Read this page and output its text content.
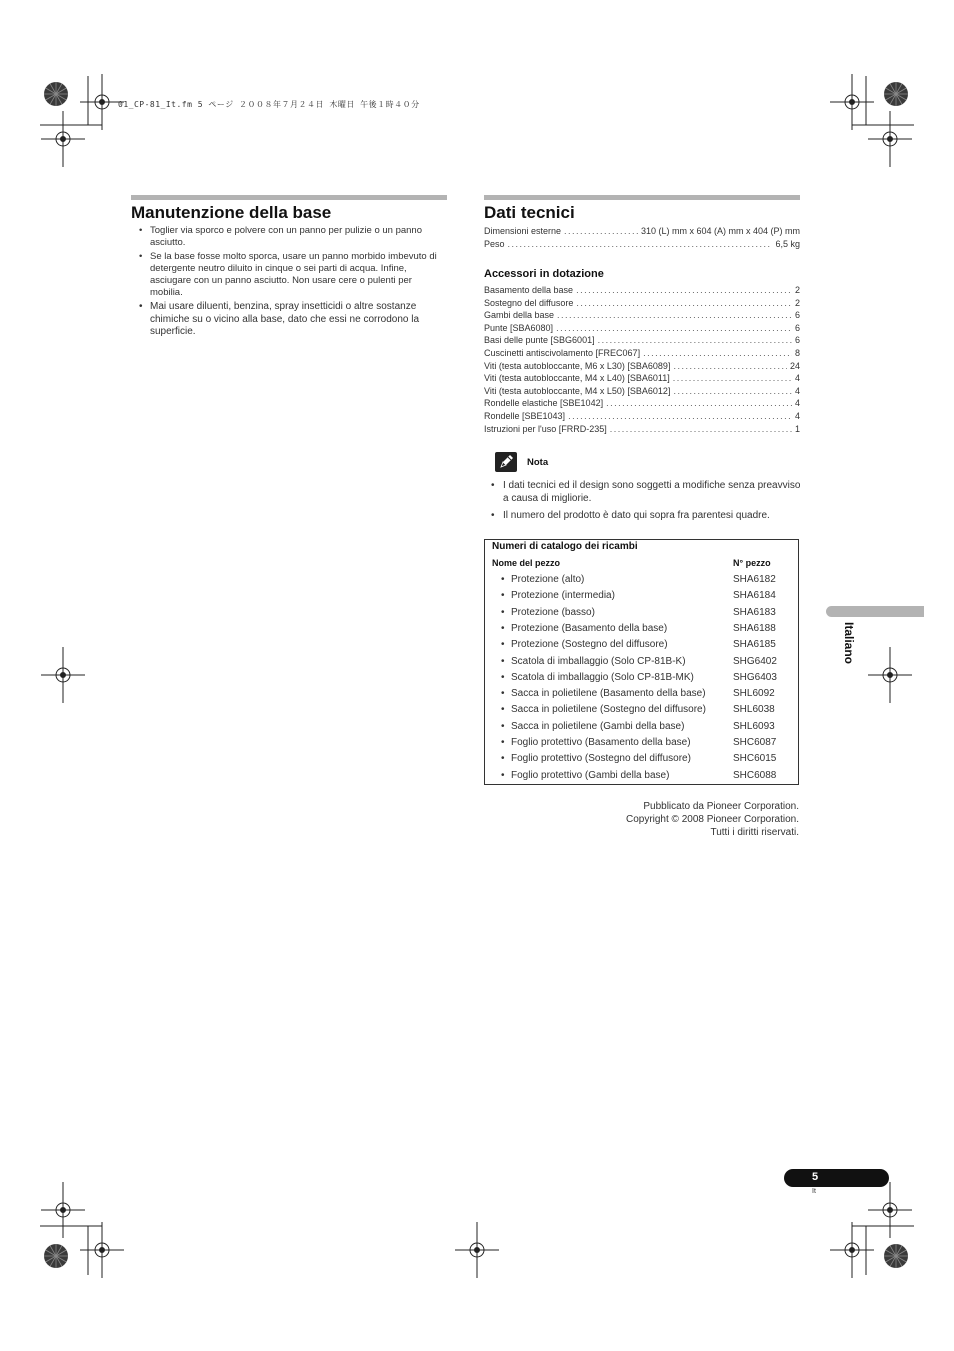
01_CP-81_It.fm 5 ページ ２００８年７月２４日 木曜日 午後１時４０分
Manutenzione della base
• Toglier via sporco e polvere con un panno per pulizie o un panno asciutto.
• Se la base fosse molto sporca, usare un panno morbido imbevuto di detergente neutro diluito in cinque o sei parti di acqua. Infine, asciugare con un panno asciutto. Non usare cere o pulenti per mobilia.
• Mai usare diluenti, benzina, spray insetticidi o altre sostanze chimiche su o vicino alla base, dato che essi ne corrodono la superficie.
Dati tecnici
Dimensioni esterne .....	310 (L) mm x 604 (A) mm x 404 (P) mm
Peso .....	6,5 kg
Accessori in dotazione
Basamento della base .....	2
Sostegno del diffusore .....	2
Gambi della base .....	6
Punte [SBA6080] .....	6
Basi delle punte [SBG6001] .....	6
Cuscinetti antiscivolamento [FREC067] .....	8
Viti (testa autobloccante, M6 x L30) [SBA6089] .....	24
Viti (testa autobloccante, M4 x L40) [SBA6011] .....	4
Viti (testa autobloccante, M4 x L50) [SBA6012] .....	4
Rondelle elastiche [SBE1042] .....	4
Rondelle [SBE1043] .....	4
Istruzioni per l'uso [FRRD-235] .....	1
Nota
• I dati tecnici ed il design sono soggetti a modifiche senza preavviso a causa di migliorie.
• Il numero del prodotto è dato qui sopra fra parentesi quadre.
Numeri di catalogo dei ricambi
Nome del pezzo	N° pezzo
• Protezione (alto)	SHA6182
• Protezione (intermedia)	SHA6184
• Protezione (basso)	SHA6183
• Protezione (Basamento della base)	SHA6188
• Protezione (Sostegno del diffusore)	SHA6185
• Scatola di imballaggio (Solo CP-81B-K)	SHG6402
• Scatola di imballaggio (Solo CP-81B-MK)	SHG6403
• Sacca in polietilene (Basamento della base)	SHL6092
• Sacca in polietilene (Sostegno del diffusore)	SHL6038
• Sacca in polietilene (Gambi della base)	SHL6093
• Foglio protettivo (Basamento della base)	SHC6087
• Foglio protettivo (Sostegno del diffusore)	SHC6015
• Foglio protettivo (Gambi della base)	SHC6088
Pubblicato da Pioneer Corporation.
Copyright © 2008 Pioneer Corporation.
Tutti i diritti riservati.
Italiano
5
It
